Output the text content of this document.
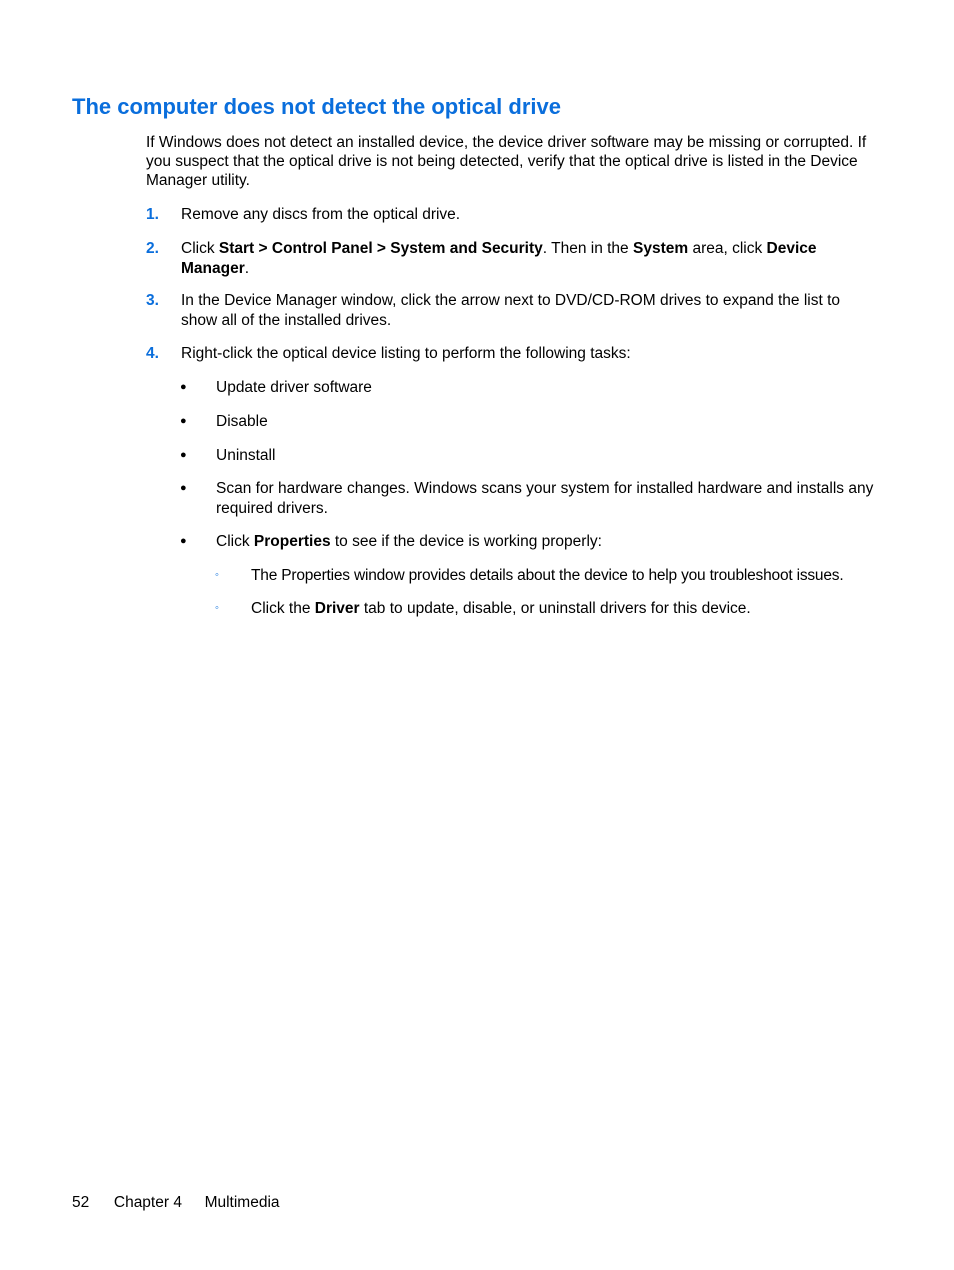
The computer does not detect the optical drive

If Windows does not detect an installed device, the device driver software may be missing or corrupted. If you suspect that the optical drive is not being detected, verify that the optical drive is listed in the Device Manager utility.

1. Remove any discs from the optical drive.
2. Click Start > Control Panel > System and Security. Then in the System area, click Device Manager.
3. In the Device Manager window, click the arrow next to DVD/CD-ROM drives to expand the list to show all of the installed drives.
4. Right-click the optical device listing to perform the following tasks:
● Update driver software
● Disable
● Uninstall
● Scan for hardware changes. Windows scans your system for installed hardware and installs any required drivers.
● Click Properties to see if the device is working properly:
◦ The Properties window provides details about the device to help you troubleshoot issues.
◦ Click the Driver tab to update, disable, or uninstall drivers for this device.
52 Chapter 4 Multimedia
